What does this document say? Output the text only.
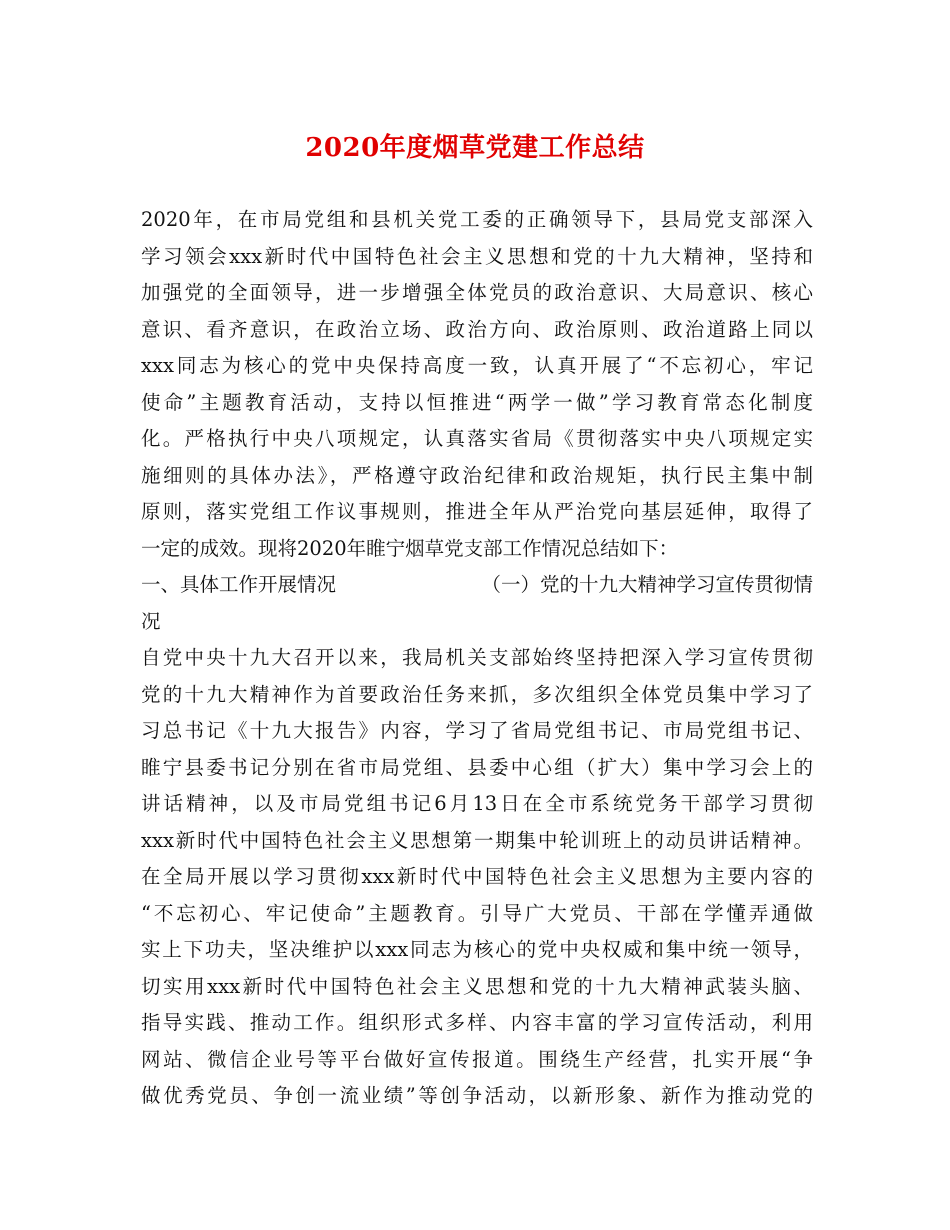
2020年度烟草党建工作总结
2020年，在市局党组和县机关党工委的正确领导下，县局党支部深入
学习领会xxx新时代中国特色社会主义思想和党的十九大精神，坚持和
加强党的全面领导，进一步增强全体党员的政治意识、大局意识、核心
意识、看齐意识，在政治立场、政治方向、政治原则、政治道路上同以
xxx同志为核心的党中央保持高度一致，认真开展了“不忘初心，牢记
使命”主题教育活动，支持以恒推进“两学一做”学习教育常态化制度
化。严格执行中央八项规定，认真落实省局《贯彻落实中央八项规定实
施细则的具体办法》，严格遵守政治纪律和政治规矩，执行民主集中制
原则，落实党组工作议事规则，推进全年从严治党向基层延伸，取得了
一定的成效。现将2020年睢宁烟草党支部工作情况总结如下：
一、具体工作开展情况	（一）党的十九大精神学习宣传贯彻情
况
自党中央十九大召开以来，我局机关支部始终坚持把深入学习宣传贯彻
党的十九大精神作为首要政治任务来抓，多次组织全体党员集中学习了
习总书记《十九大报告》内容，学习了省局党组书记、市局党组书记、
睢宁县委书记分别在省市局党组、县委中心组（扩大）集中学习会上的
讲话精神，以及市局党组书记6月13日在全市系统党务干部学习贯彻
xxx新时代中国特色社会主义思想第一期集中轮训班上的动员讲话精神。
在全局开展以学习贯彻xxx新时代中国特色社会主义思想为主要内容的
“不忘初心、牢记使命”主题教育。引导广大党员、干部在学懂弄通做
实上下功夫，坚决维护以xxx同志为核心的党中央权威和集中统一领导，
切实用xxx新时代中国特色社会主义思想和党的十九大精神武装头脑、
指导实践、推动工作。组织形式多样、内容丰富的学习宣传活动，利用
网站、微信企业号等平台做好宣传报道。围绕生产经营，扎实开展“争
做优秀党员、争创一流业绩”等创争活动，以新形象、新作为推动党的
